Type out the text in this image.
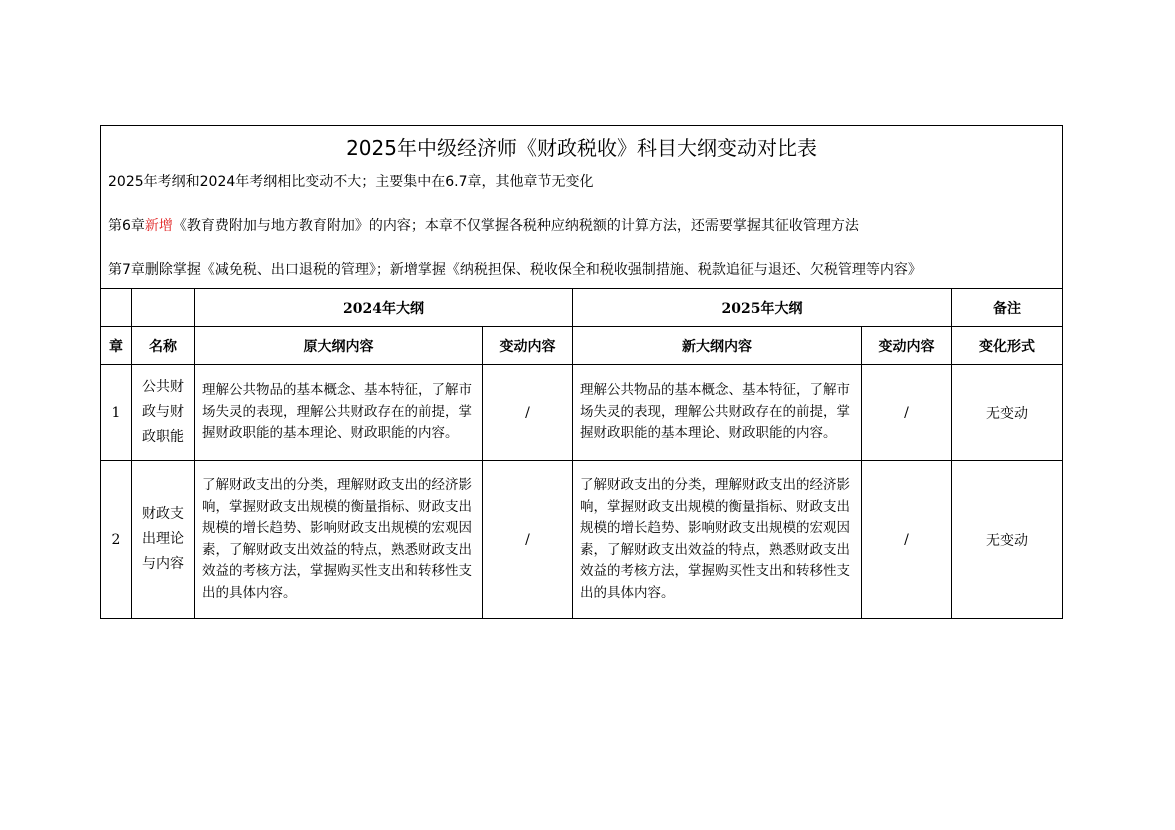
2025年中级经济师《财政税收》科目大纲变动对比表

2025年考纲和2024年考纲相比变动不大；主要集中在6.7章，其他章节无变化

第6章新增《教育费附加与地方教育附加》的内容；本章不仅掌握各税种应纳税额的计算方法，还需要掌握其征收管理方法

第7章删除掌握《减免税、出口退税的管理》；新增掌握《纳税担保、税收保全和税收强制措施、税款追征与退还、欠税管理等内容》						

		2024年大纲		2025年大纲		备注
章	名称	原大纲内容	变动内容	新大纲内容	变动内容	变化形式
1	公共财政与财政职能	理解公共物品的基本概念、基本特征，了解市场失灵的表现，理解公共财政存在的前提，掌握财政职能的基本理论、财政职能的内容。	/	理解公共物品的基本概念、基本特征，了解市场失灵的表现，理解公共财政存在的前提，掌握财政职能的基本理论、财政职能的内容。	/	无变动
2	财政支出理论与内容	了解财政支出的分类，理解财政支出的经济影响，掌握财政支出规模的衡量指标、财政支出规模的增长趋势、影响财政支出规模的宏观因素，了解财政支出效益的特点，熟悉财政支出效益的考核方法，掌握购买性支出和转移性支出的具体内容。	/	了解财政支出的分类，理解财政支出的经济影响，掌握财政支出规模的衡量指标、财政支出规模的增长趋势、影响财政支出规模的宏观因素，了解财政支出效益的特点，熟悉财政支出效益的考核方法，掌握购买性支出和转移性支出的具体内容。	/	无变动
